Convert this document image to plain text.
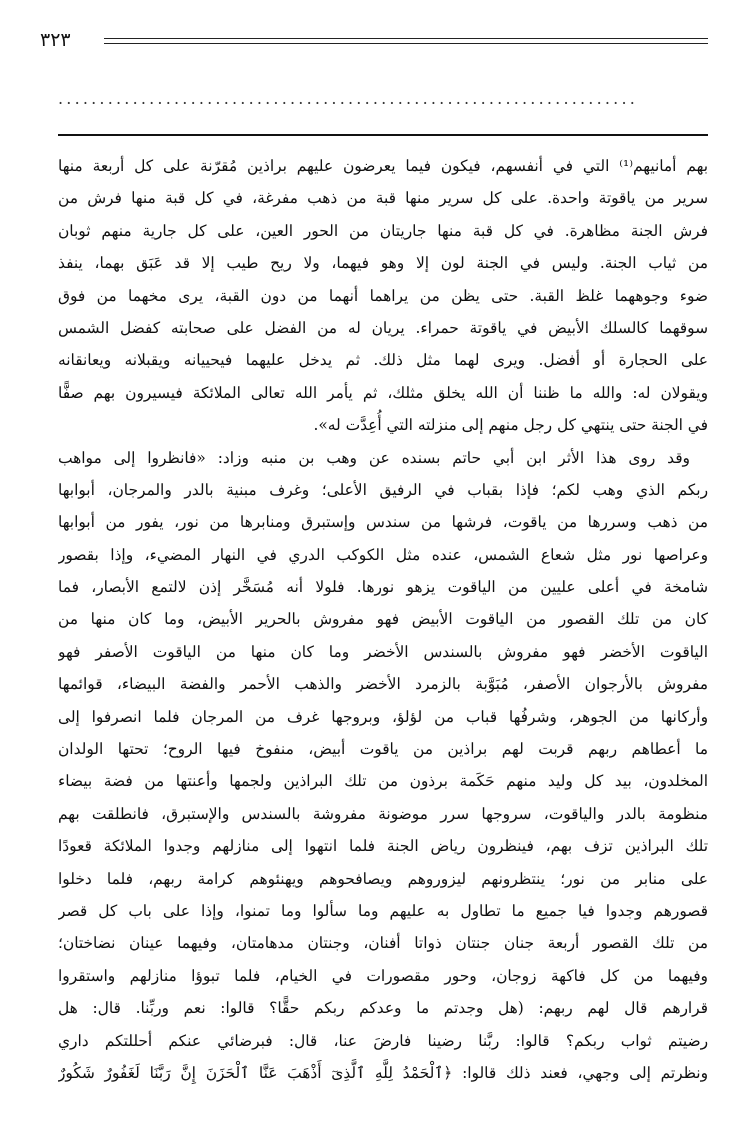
٣٢٣
......................................................................
بهم أمانيهم⁽¹⁾ التي في أنفسهم، فيكون فيما يعرضون عليهم براذين مُقرّنة على كل أربعة منها
سرير من ياقوتة واحدة. على كل سرير منها قبة من ذهب مفرغة، في كل قبة منها فرش من
فرش الجنة مظاهرة. في كل قبة منها جاريتان من الحور العين، على كل جارية منهم ثوبان
من ثياب الجنة. وليس في الجنة لون إلا وهو فيهما، ولا ريح طيب إلا قد عَبَق بهما، ينفذ
ضوء وجوههما غلظ القبة. حتى يظن من يراهما أنهما من دون القبة، يرى مخهما من فوق
سوقهما كالسلك الأبيض في ياقوتة حمراء. يريان له من الفضل على صحابته كفضل الشمس
على الحجارة أو أفضل. ويرى لهما مثل ذلك. ثم يدخل عليهما فيحييانه ويقبلانه ويعانقانه
ويقولان له: والله ما ظننا أن الله يخلق مثلك، ثم يأمر الله تعالى الملائكة فيسيرون بهم صفًّا
في الجنة حتى ينتهي كل رجل منهم إلى منزلته التي أُعِدَّت له».
وقد روى هذا الأثر ابن أبي حاتم بسنده عن وهب بن منبه وزاد: «فانظروا إلى مواهب
ربكم الذي وهب لكم؛ فإذا بقباب في الرفيق الأعلى؛ وغرف مبنية بالدر والمرجان، أبوابها
من ذهب وسررها من ياقوت، فرشها من سندس وإستبرق ومنابرها من نور، يفور من أبوابها
وعراصها نور مثل شعاع الشمس، عنده مثل الكوكب الدري في النهار المضيء، وإذا بقصور
شامخة في أعلى عليين من الياقوت يزهو نورها. فلولا أنه مُسَخَّر إذن لالتمع الأبصار، فما
كان من تلك القصور من الياقوت الأبيض فهو مفروش بالحرير الأبيض، وما كان منها من
الياقوت الأخضر فهو مفروش بالسندس الأخضر وما كان منها من الياقوت الأصفر فهو
مفروش بالأرجوان الأصفر، مُبَوَّبة بالزمرد الأخضر والذهب الأحمر والفضة البيضاء، قوائمها
وأركانها من الجوهر، وشرفُها قباب من لؤلؤ، وبروجها غرف من المرجان فلما انصرفوا إلى
ما أعطاهم ربهم قربت لهم براذين من ياقوت أبيض، منفوخ فيها الروح؛ تحتها الولدان
المخلدون، بيد كل وليد منهم حَكَمة برذون من تلك البراذين ولجمها وأعنتها من فضة بيضاء
منظومة بالدر والياقوت، سروجها سرر موضونة مفروشة بالسندس والإستبرق، فانطلقت بهم
تلك البراذين تزف بهم، فينظرون رياض الجنة فلما انتهوا إلى منازلهم وجدوا الملائكة قعودًا
على منابر من نور؛ ينتظرونهم ليزوروهم ويصافحوهم ويهنئوهم كرامة ربهم، فلما دخلوا
قصورهم وجدوا فيا جميع ما تطاول به عليهم وما سألوا وما تمنوا، وإذا على باب كل قصر
من تلك القصور أربعة جنان جنتان ذواتا أفنان، وجنتان مدهامتان، وفيهما عينان نضاختان؛
وفيهما من كل فاكهة زوجان، وحور مقصورات في الخيام، فلما تبوؤا منازلهم واستقروا
قرارهم قال لهم ربهم: (هل وجدتم ما وعدكم ربكم حقًّا؟ قالوا: نعم وربِّنا. قال: هل
رضيتم ثواب ربكم؟ قالوا: ربَّنا رضينا فارضَ عنا، قال: فبرضائي عنكم أحللتكم داري
ونظرتم إلى وجهي، فعند ذلك قالوا: ﴿ٱلْحَمْدُ لِلَّهِ ٱلَّذِىٓ أَذْهَبَ عَنَّا ٱلْحَزَنَ إِنَّ رَبَّنَا لَغَفُورٌ شَكُورٌ
